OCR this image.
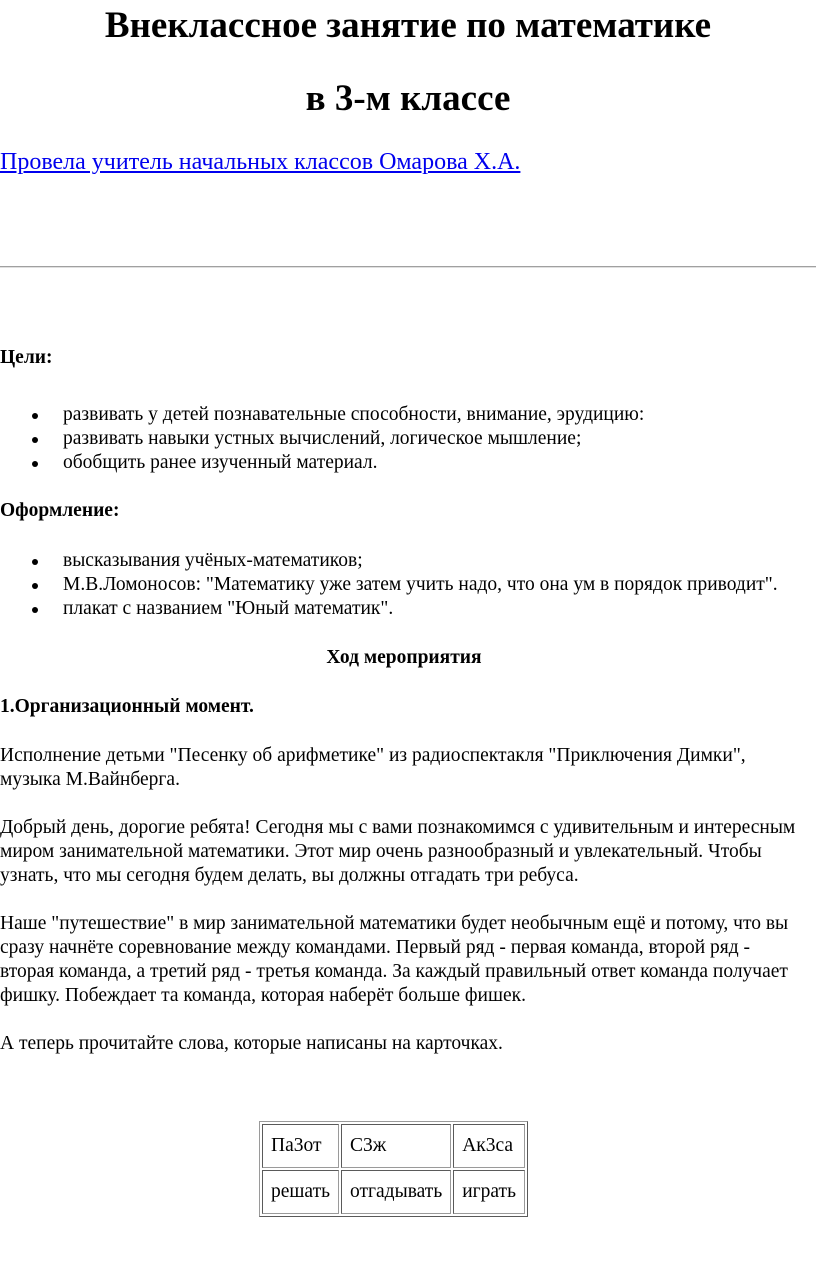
Внеклассное занятие по математике
в 3-м классе
Провела учитель начальных классов Омарова Х.А.

Цели:

развивать у детей познавательные способности, внимание, эрудицию:
развивать навыки устных вычислений, логическое мышление;
обобщить ранее изученный материал.

Оформление:

высказывания учёных-математиков;
М.В.Ломоносов: "Математику уже затем учить надо, что она ум в порядок приводит".
плакат с названием "Юный математик".

Ход мероприятия

1.Организационный момент.

Исполнение детьми "Песенку об арифметике" из радиоспектакля "Приключения Димки", музыка М.Вайнберга.

Добрый день, дорогие ребята! Сегодня мы с вами познакомимся с удивительным и интересным миром занимательной математики. Этот мир очень разнообразный и увлекательный. Чтобы узнать, что мы сегодня будем делать, вы должны отгадать три ребуса.

Наше "путешествие" в мир занимательной математики будет необычным ещё и потому, что вы сразу начнёте соревнование между командами. Первый ряд - первая команда, второй ряд - вторая команда, а третий ряд - третья команда. За каждый правильный ответ команда получает фишку. Побеждает та команда, которая наберёт больше фишек.

А теперь прочитайте слова, которые написаны на карточках.

Па3от	С3ж	Ак3са
решать	отгадывать	играть
